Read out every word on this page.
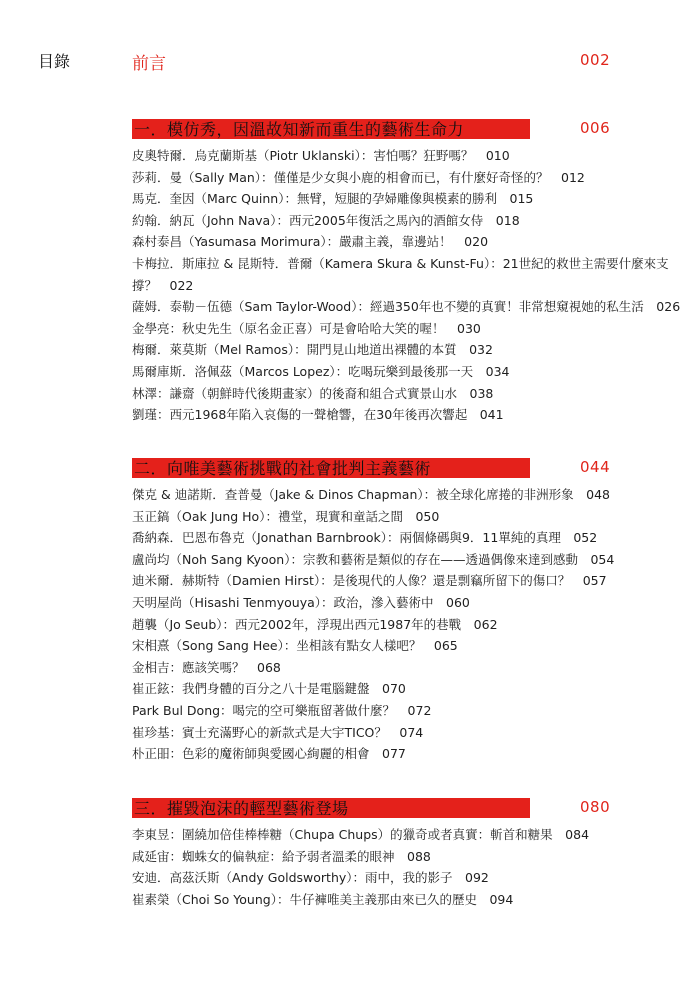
目錄	前言	002
一．模仿秀，因溫故知新而重生的藝術生命力	006
皮奧特爾．烏克蘭斯基（Piotr Uklanski）：害怕嗎？狂野嗎？　010
莎莉．曼（Sally Man）：僅僅是少女與小鹿的相會而已，有什麼好奇怪的？　012
馬克．奎因（Marc Quinn）：無臂，短腿的孕婦雕像與模素的勝利　015
約翰．納瓦（John Nava）：西元2005年復活之馬內的酒館女侍　018
森村泰昌（Yasumasa Morimura）：嚴肅主義，靠邊站！　020
卡梅拉．斯庫拉 & 昆斯特．普爾（Kamera Skura & Kunst-Fu）：21世紀的救世主需要什麼來支撐？　022
薩姆．泰勒－伍德（Sam Taylor-Wood）：經過350年也不變的真實！非常想窺視她的私生活　026
金學亮：秋史先生（原名金正喜）可是會哈哈大笑的喔！　030
梅爾．萊莫斯（Mel Ramos）：開門見山地道出裸體的本質　032
馬爾庫斯．洛佩茲（Marcos Lopez）：吃喝玩樂到最後那一天　034
林澤：謙齋（朝鮮時代後期畫家）的後裔和組合式實景山水　038
劉瑾：西元1968年陷入哀傷的一聲槍響，在30年後再次響起　041
二．向唯美藝術挑戰的社會批判主義藝術	044
傑克 & 迪諾斯．查普曼（Jake & Dinos Chapman）：被全球化席捲的非洲形象　048
玉正鎬（Oak Jung Ho）：禮堂，現實和童話之間　050
喬納森．巴恩布魯克（Jonathan Barnbrook）：兩個條碼與9．11單純的真理　052
盧尚均（Noh Sang Kyoon）：宗教和藝術是類似的存在——透過偶像來達到感動　054
迪米爾．赫斯特（Damien Hirst）：是後現代的人像？還是剽竊所留下的傷口？　057
天明屋尚（Hisashi Tenmyouya）：政治，滲入藝術中　060
趙襲（Jo Seub）：西元2002年，浮現出西元1987年的巷戰　062
宋相熹（Song Sang Hee）：坐相該有點女人樣吧？　065
金相吉：應該笑嗎？　068
崔正鉉：我們身體的百分之八十是電腦鍵盤　070
Park Bul Dong：喝完的空可樂瓶留著做什麼？　072
崔珍基：賓士充滿野心的新款式是大宇TICO？　074
朴正昍：色彩的魔術師與愛國心絢麗的相會　077
三．摧毀泡沫的輕型藝術登場	080
李東昱：圍繞加倍佳棒棒糖（Chupa Chups）的獵奇或者真實：斬首和糖果　084
咸延宙：蜘蛛女的偏執症：給予弱者溫柔的眼神　088
安迪．高茲沃斯（Andy Goldsworthy）：雨中，我的影子　092
崔素榮（Choi So Young）：牛仔褲唯美主義那由來已久的歷史　094
